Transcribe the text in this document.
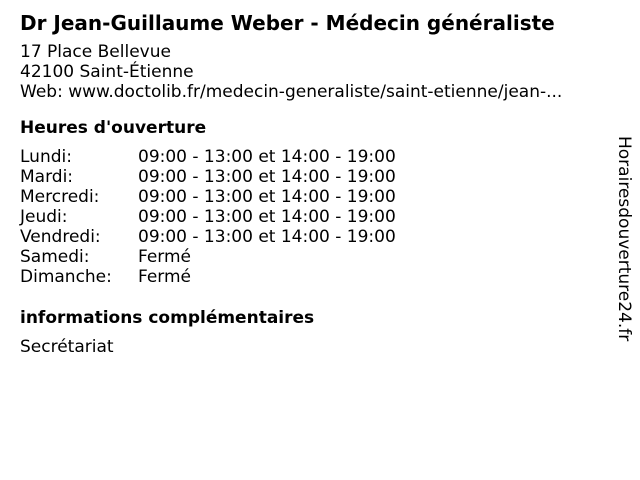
Dr Jean-Guillaume Weber - Médecin généraliste
17 Place Bellevue
42100 Saint-Étienne
Web: www.doctolib.fr/medecin-generaliste/saint-etienne/jean-...
Heures d'ouverture
Lundi:	09:00 - 13:00 et 14:00 - 19:00
Mardi:	09:00 - 13:00 et 14:00 - 19:00
Mercredi:	09:00 - 13:00 et 14:00 - 19:00
Jeudi:	09:00 - 13:00 et 14:00 - 19:00
Vendredi:	09:00 - 13:00 et 14:00 - 19:00
Samedi:	Fermé
Dimanche:	Fermé
informations complémentaires
Secrétariat
Horairesdouverture24.fr
